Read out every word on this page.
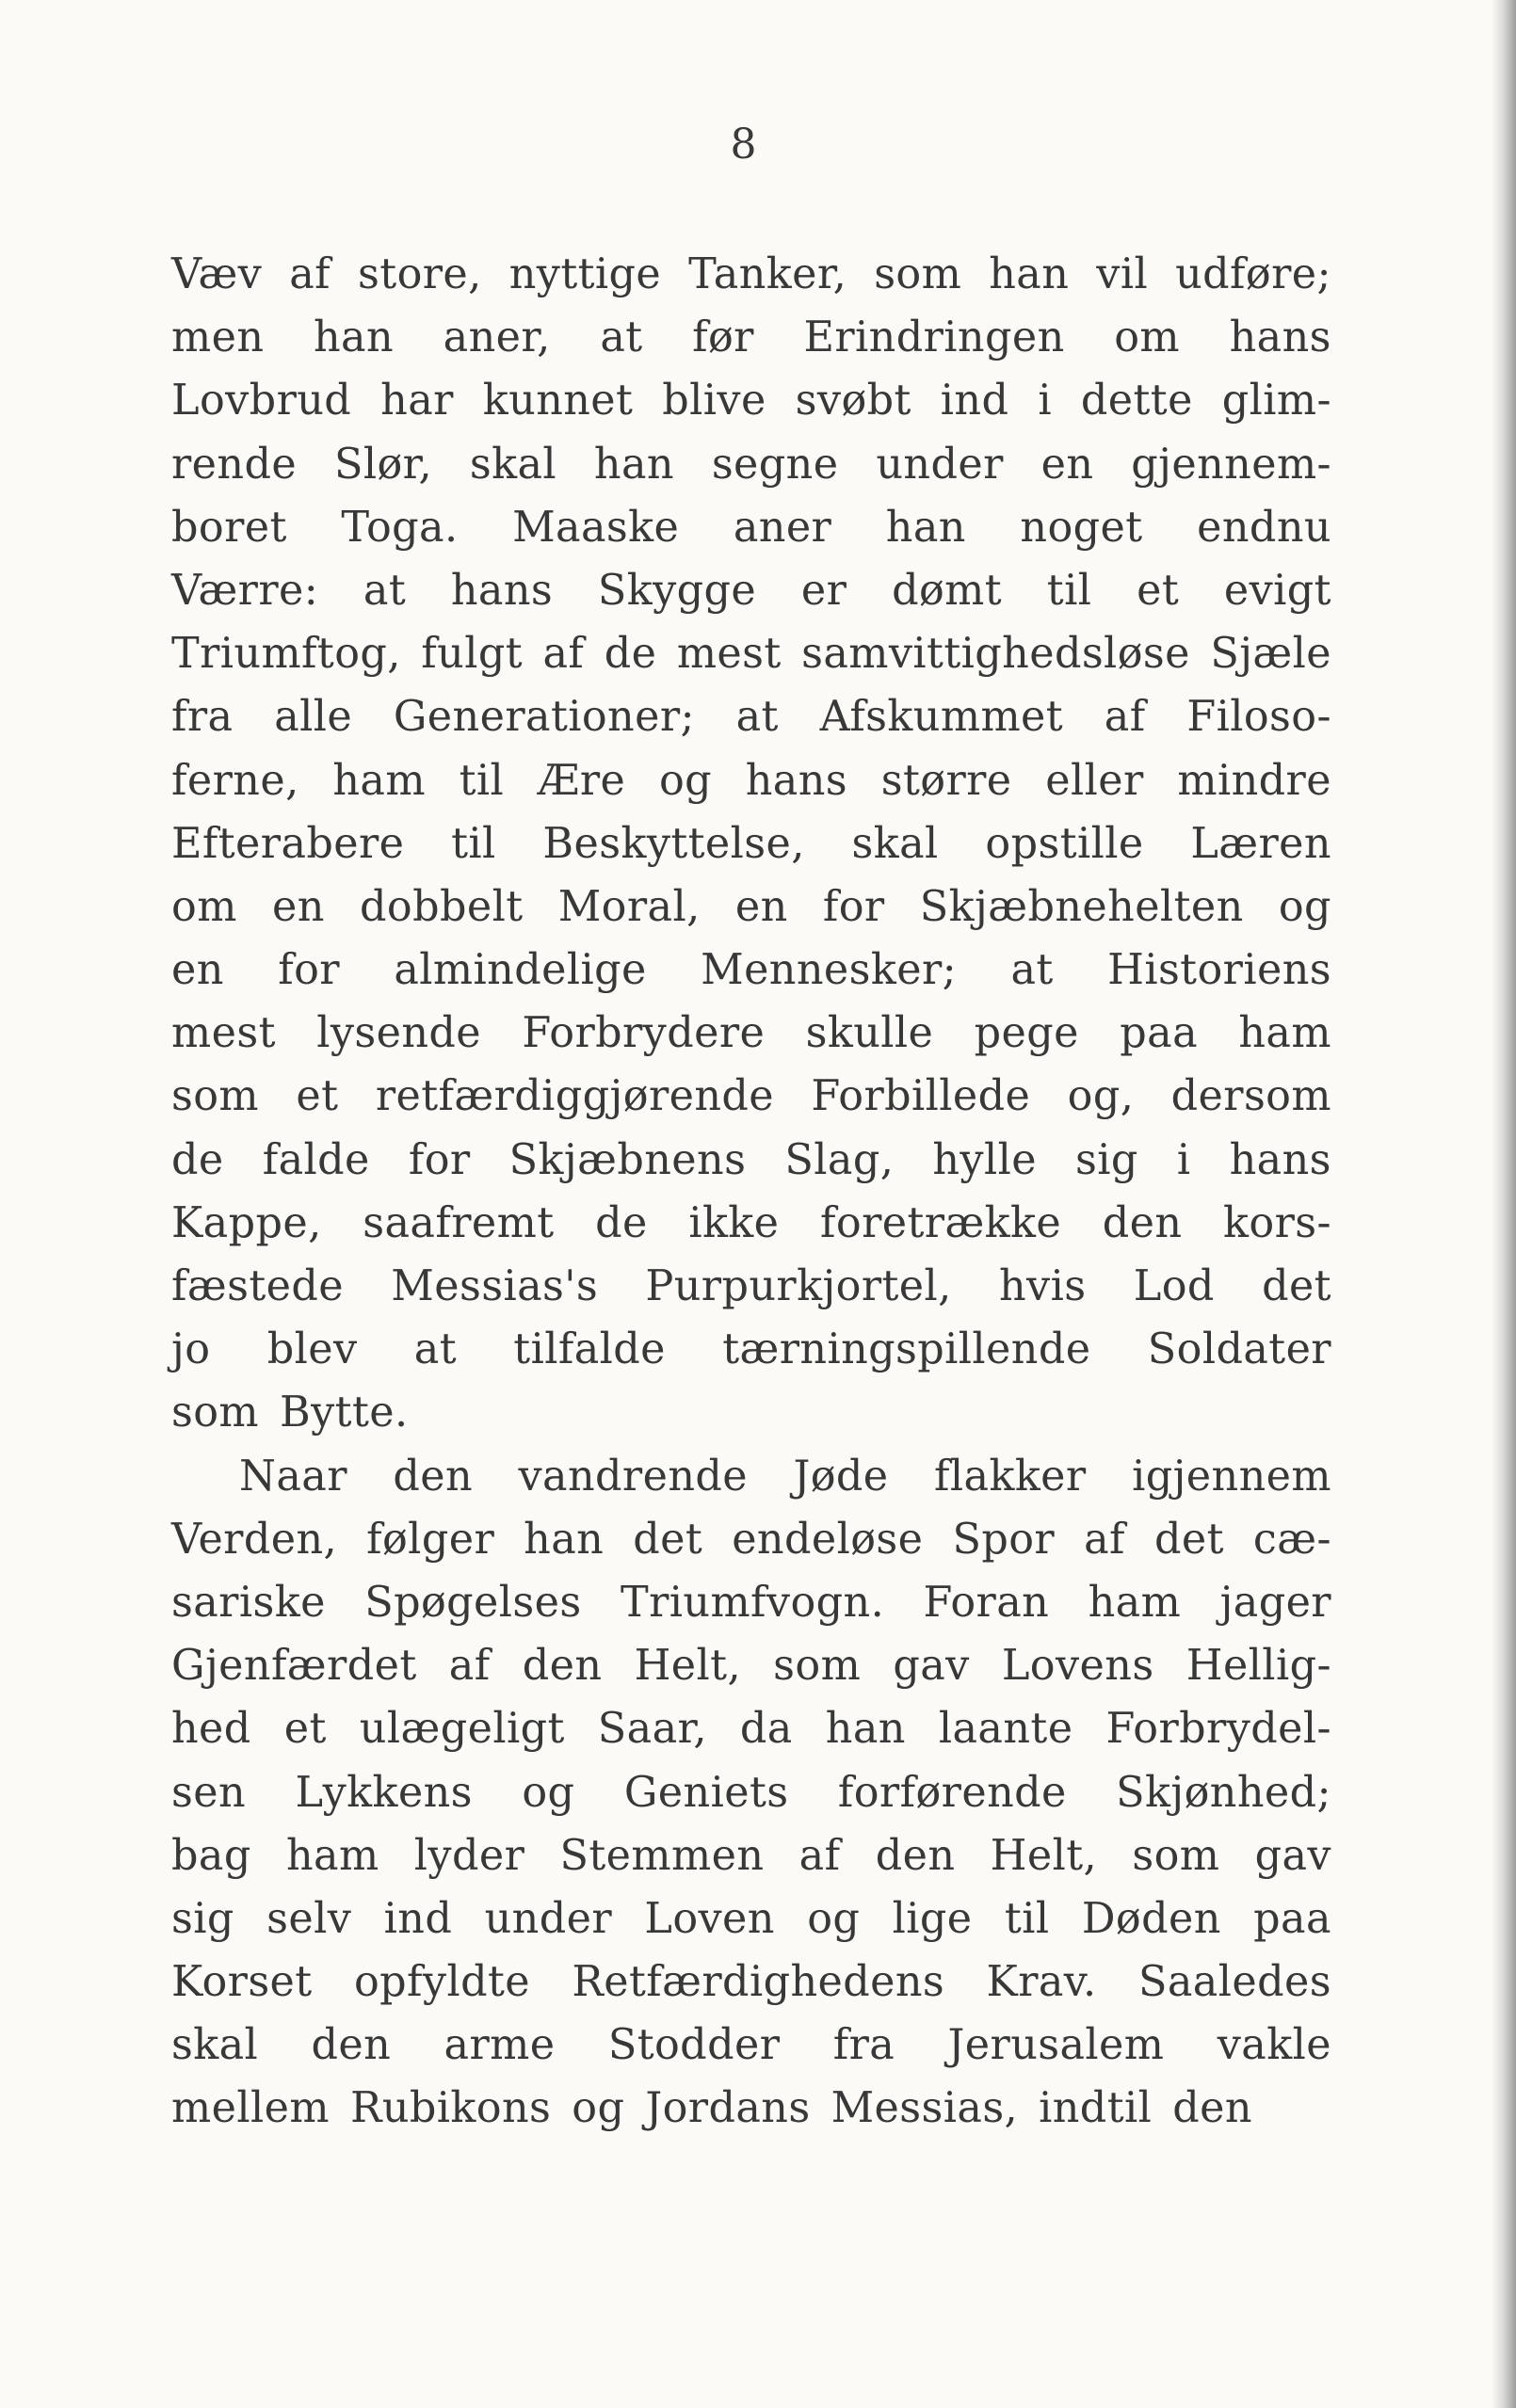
8
Væv af store, nyttige Tanker, som han vil udføre;
men han aner, at før Erindringen om hans
Lovbrud har kunnet blive svøbt ind i dette glim-
rende Slør, skal han segne under en gjennem-
boret Toga. Maaske aner han noget endnu
Værre: at hans Skygge er dømt til et evigt
Triumftog, fulgt af de mest samvittighedsløse Sjæle
fra alle Generationer; at Afskummet af Filoso-
ferne, ham til Ære og hans større eller mindre
Efterabere til Beskyttelse, skal opstille Læren
om en dobbelt Moral, en for Skjæbnehelten og
en for almindelige Mennesker; at Historiens
mest lysende Forbrydere skulle pege paa ham
som et retfærdiggjørende Forbillede og, dersom
de falde for Skjæbnens Slag, hylle sig i hans
Kappe, saafremt de ikke foretrække den kors-
fæstede Messias's Purpurkjortel, hvis Lod det
jo blev at tilfalde tærningspillende Soldater
som Bytte.
Naar den vandrende Jøde flakker igjennem
Verden, følger han det endeløse Spor af det cæ-
sariske Spøgelses Triumfvogn. Foran ham jager
Gjenfærdet af den Helt, som gav Lovens Hellig-
hed et ulægeligt Saar, da han laante Forbrydel-
sen Lykkens og Geniets forførende Skjønhed;
bag ham lyder Stemmen af den Helt, som gav
sig selv ind under Loven og lige til Døden paa
Korset opfyldte Retfærdighedens Krav. Saaledes
skal den arme Stodder fra Jerusalem vakle
mellem Rubikons og Jordans Messias, indtil den
